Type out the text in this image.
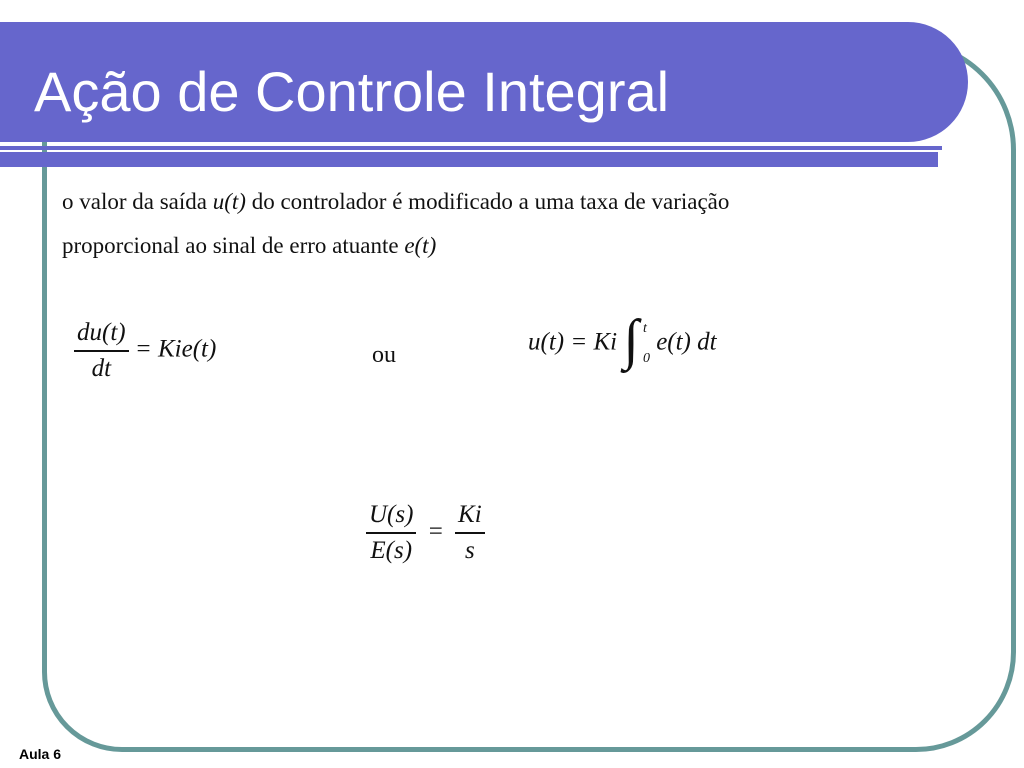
Ação de Controle Integral
o valor da saída u(t) do controlador é modificado a uma taxa de variação
proporcional ao sinal de erro atuante e(t)
$\frac{du(t)}{dt} = Kie(t)$	ou	u(t) = Ki ∫ t
0
e(t) dt
$\frac{U(s)}{E(s)} = \frac{Ki}{s}$
Aula 6
